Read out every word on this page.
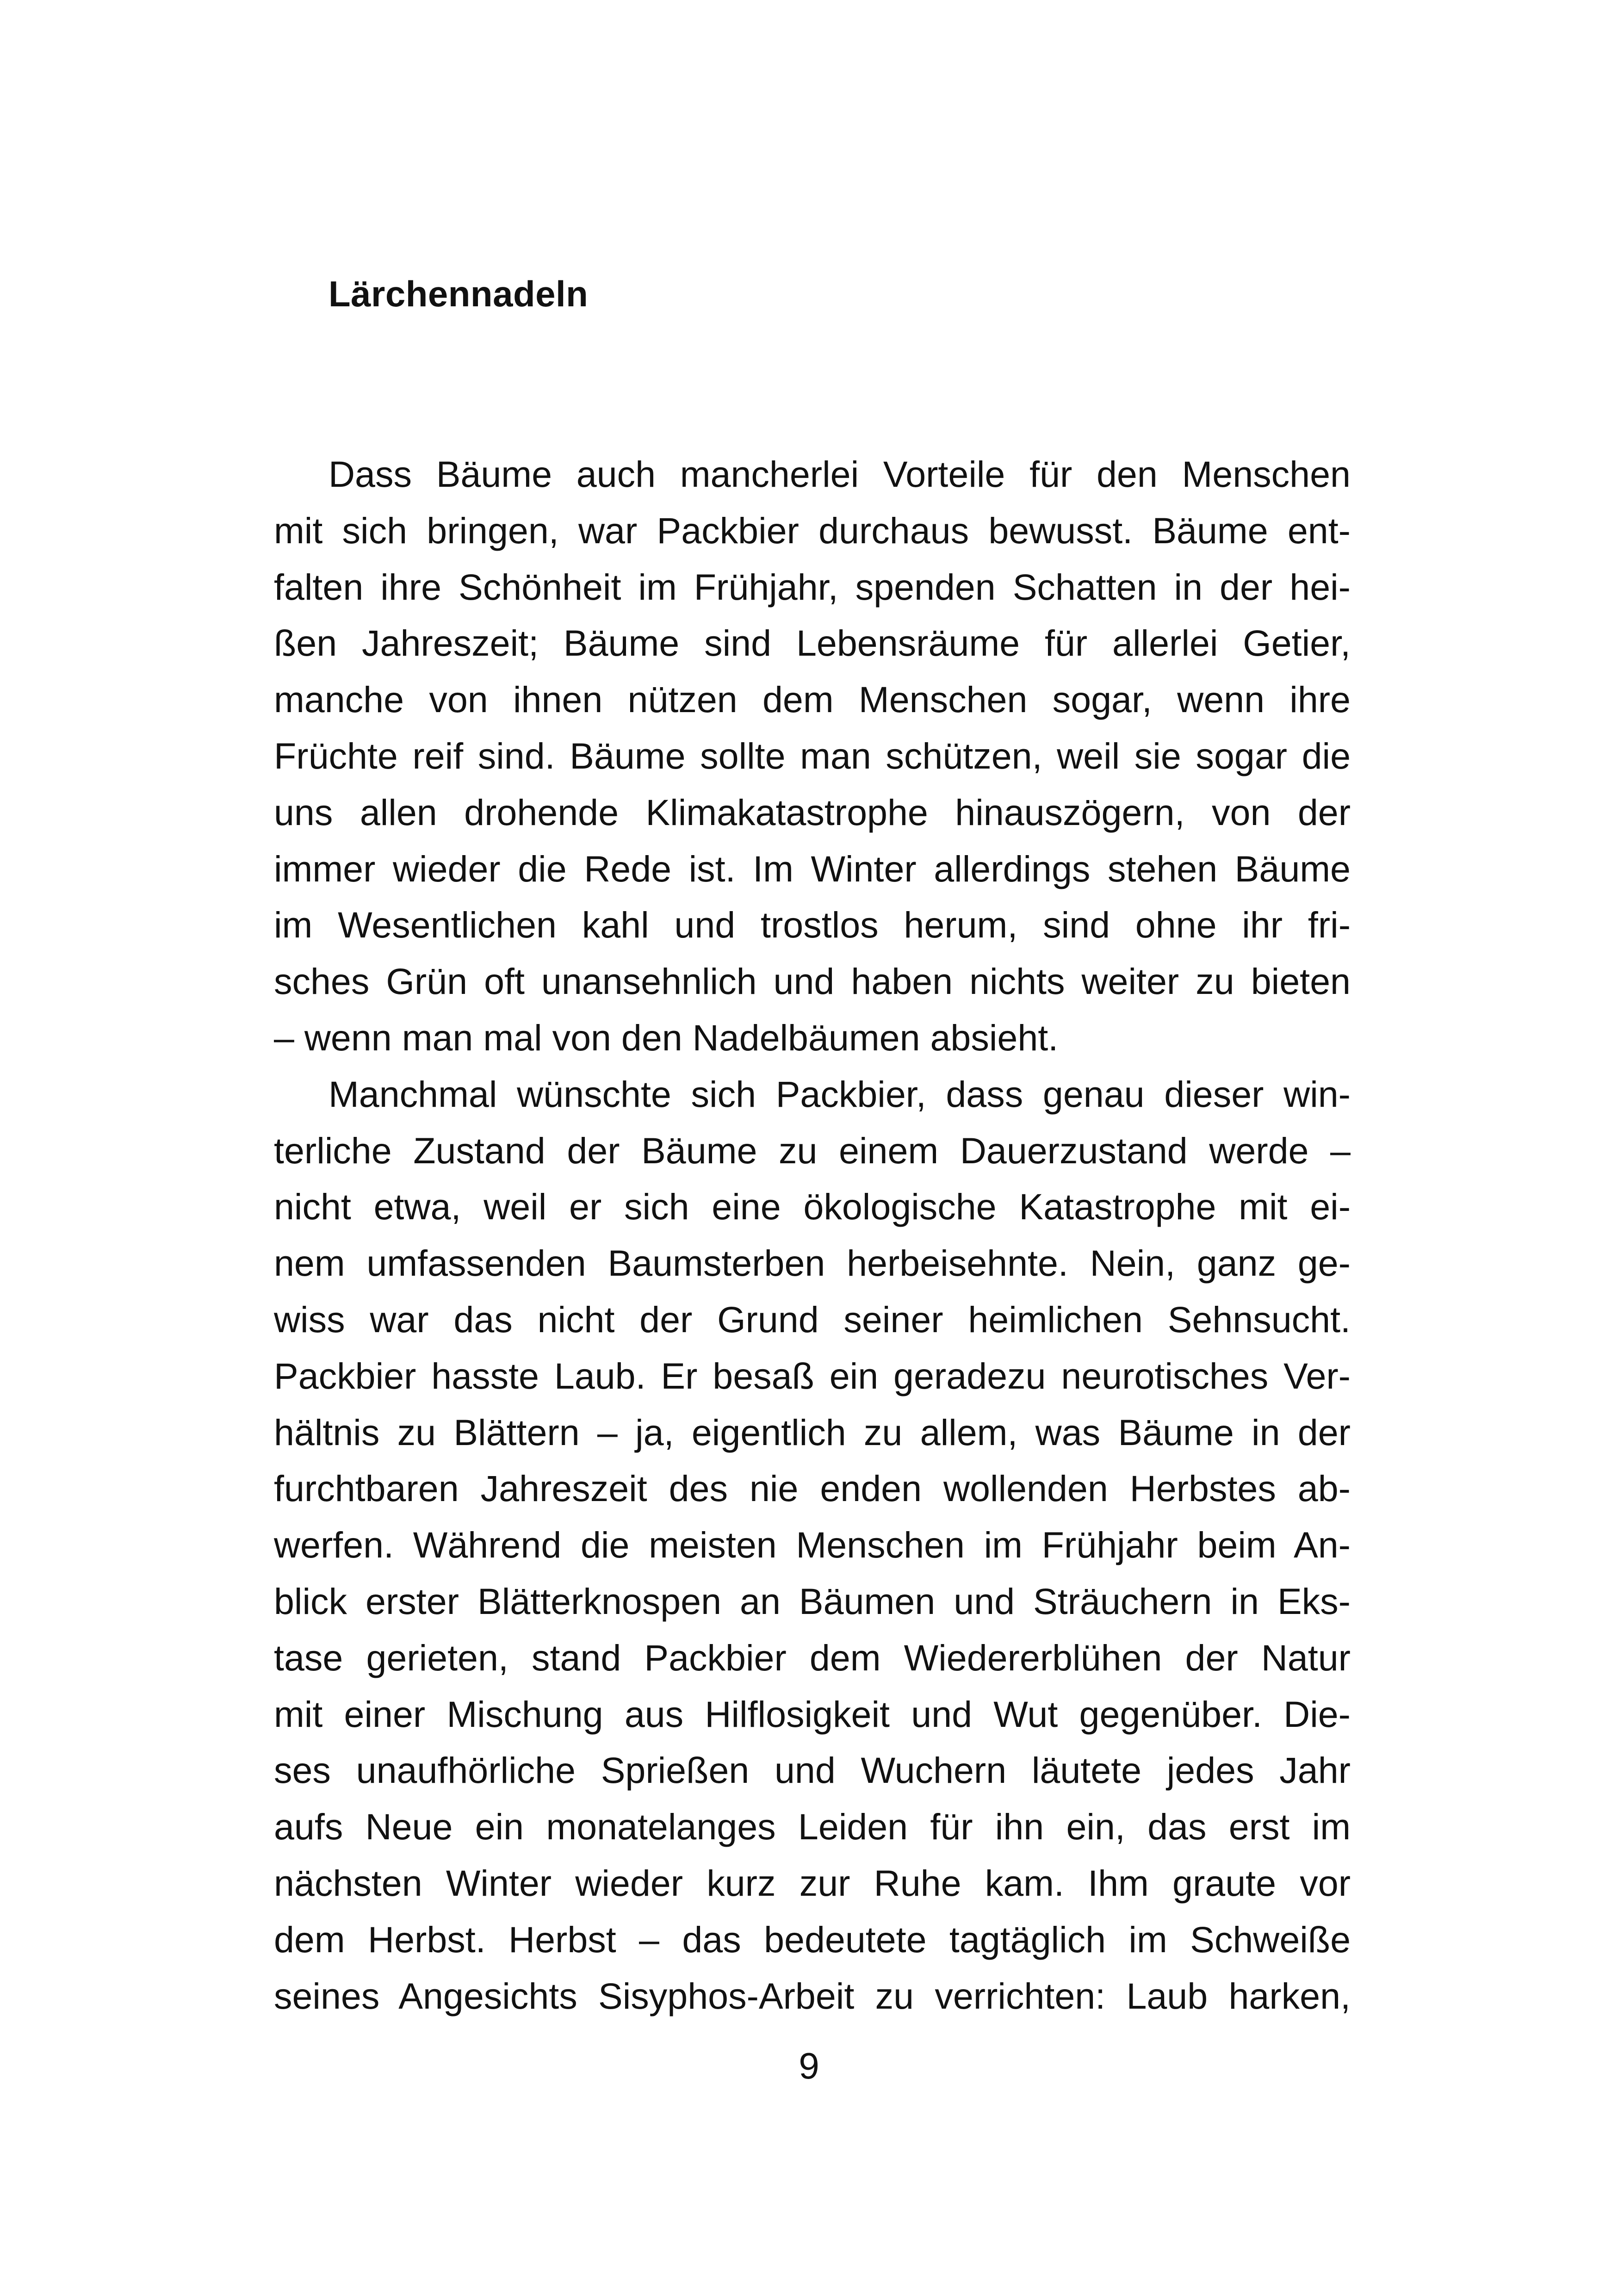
Lärchennadeln
Dass Bäume auch mancherlei Vorteile für den Menschen
mit sich bringen, war Packbier durchaus bewusst. Bäume ent-
falten ihre Schönheit im Frühjahr, spenden Schatten in der hei-
ßen Jahreszeit; Bäume sind Lebensräume für allerlei Getier,
manche von ihnen nützen dem Menschen sogar, wenn ihre
Früchte reif sind. Bäume sollte man schützen, weil sie sogar die
uns allen drohende Klimakatastrophe hinauszögern, von der
immer wieder die Rede ist. Im Winter allerdings stehen Bäume
im Wesentlichen kahl und trostlos herum, sind ohne ihr fri-
sches Grün oft unansehnlich und haben nichts weiter zu bieten
– wenn man mal von den Nadelbäumen absieht.
Manchmal wünschte sich Packbier, dass genau dieser win-
terliche Zustand der Bäume zu einem Dauerzustand werde –
nicht etwa, weil er sich eine ökologische Katastrophe mit ei-
nem umfassenden Baumsterben herbeisehnte. Nein, ganz ge-
wiss war das nicht der Grund seiner heimlichen Sehnsucht.
Packbier hasste Laub. Er besaß ein geradezu neurotisches Ver-
hältnis zu Blättern – ja, eigentlich zu allem, was Bäume in der
furchtbaren Jahreszeit des nie enden wollenden Herbstes ab-
werfen. Während die meisten Menschen im Frühjahr beim An-
blick erster Blätterknospen an Bäumen und Sträuchern in Eks-
tase gerieten, stand Packbier dem Wiedererblühen der Natur
mit einer Mischung aus Hilflosigkeit und Wut gegenüber. Die-
ses unaufhörliche Sprießen und Wuchern läutete jedes Jahr
aufs Neue ein monatelanges Leiden für ihn ein, das erst im
nächsten Winter wieder kurz zur Ruhe kam. Ihm graute vor
dem Herbst. Herbst – das bedeutete tagtäglich im Schweiße
seines Angesichts Sisyphos-Arbeit zu verrichten: Laub harken,

9
